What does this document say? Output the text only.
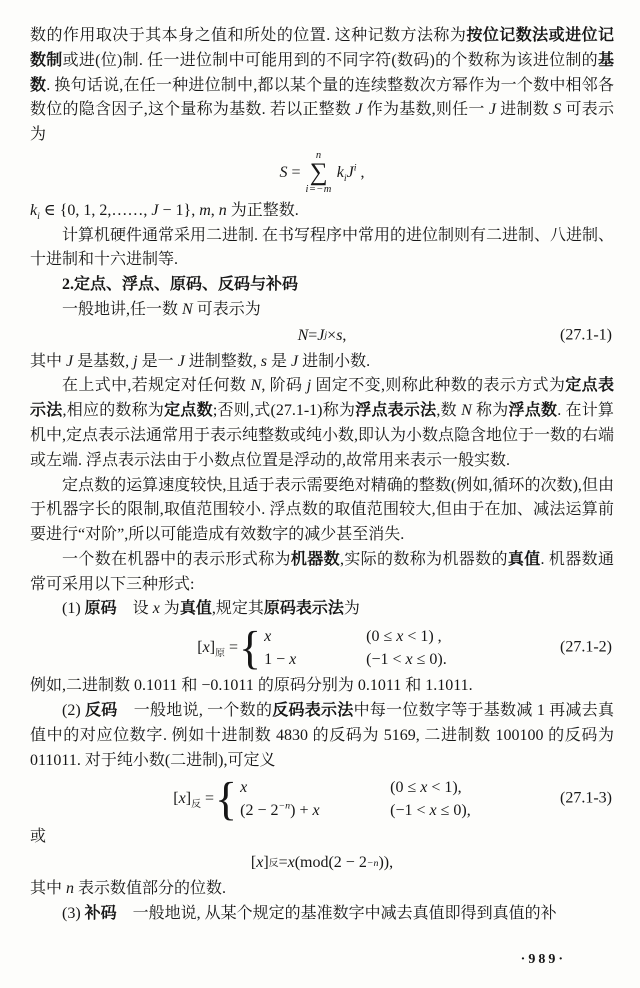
数的作用取决于其本身之值和所处的位置. 这种记数方法称为按位记数法或进位记数制或进(位)制. 任一进位制中可能用到的不同字符(数码)的个数称为该进位制的基数. 换句话说,在任一种进位制中,都以某个量的连续整数次方幂作为一个数中相邻各数位的隐含因子,这个量称为基数. 若以正整数 J 作为基数,则任一 J 进制数 S 可表示为

S =
n
∑
i=−m
$k_iJ^i$ ,

$k_i$ ∈ {0, 1, 2,……, J − 1}, m, n 为正整数.

计算机硬件通常采用二进制. 在书写程序中常用的进位制则有二进制、八进制、十进制和十六进制等.

2.定点、浮点、原码、反码与补码

一般地讲,任一数 N 可表示为

N = J j × s ,	(27.1-1)

其中 J 是基数, j 是一 J 进制整数, s 是 J 进制小数.

在上式中,若规定对任何数 N, 阶码 j 固定不变,则称此种数的表示方式为定点表示法,相应的数称为定点数;否则,式(27.1-1)称为浮点表示法,数 N 称为浮点数. 在计算机中,定点表示法通常用于表示纯整数或纯小数,即认为小数点隐含地位于一数的右端或左端. 浮点表示法由于小数点位置是浮动的,故常用来表示一般实数.

定点数的运算速度较快,且适于表示需要绝对精确的整数(例如,循环的次数),但由于机器字长的限制,取值范围较小. 浮点数的取值范围较大,但由于在加、减法运算前要进行“对阶”,所以可能造成有效数字的减少甚至消失.

一个数在机器中的表示形式称为机器数,实际的数称为机器数的真值. 机器数通常可采用以下三种形式:

(1) 原码　设 x 为真值,规定其原码表示法为

$[x]_原$ = { x	(0 ≤ x < 1) ,
1 − x	(−1 < x ≤ 0).
(27.1-2)

例如,二进制数 0.1011 和 −0.1011 的原码分别为 0.1011 和 1.1011.

(2) 反码　一般地说, 一个数的反码表示法中每一位数字等于基数减 1 再减去真值中的对应位数字. 例如十进制数 4830 的反码为 5169, 二进制数 100100 的反码为 011011. 对于纯小数(二进制),可定义

$[x]_反$ = { x	(0 ≤ x < 1),
$(2 - 2^{-n}) + x$	(−1 < x ≤ 0),
(27.1-3)

或

[ x ] 反 = x (mod(2 − 2 −n )),

其中 n 表示数值部分的位数.

(3) 补码　一般地说, 从某个规定的基准数字中减去真值即得到真值的补

·989·
